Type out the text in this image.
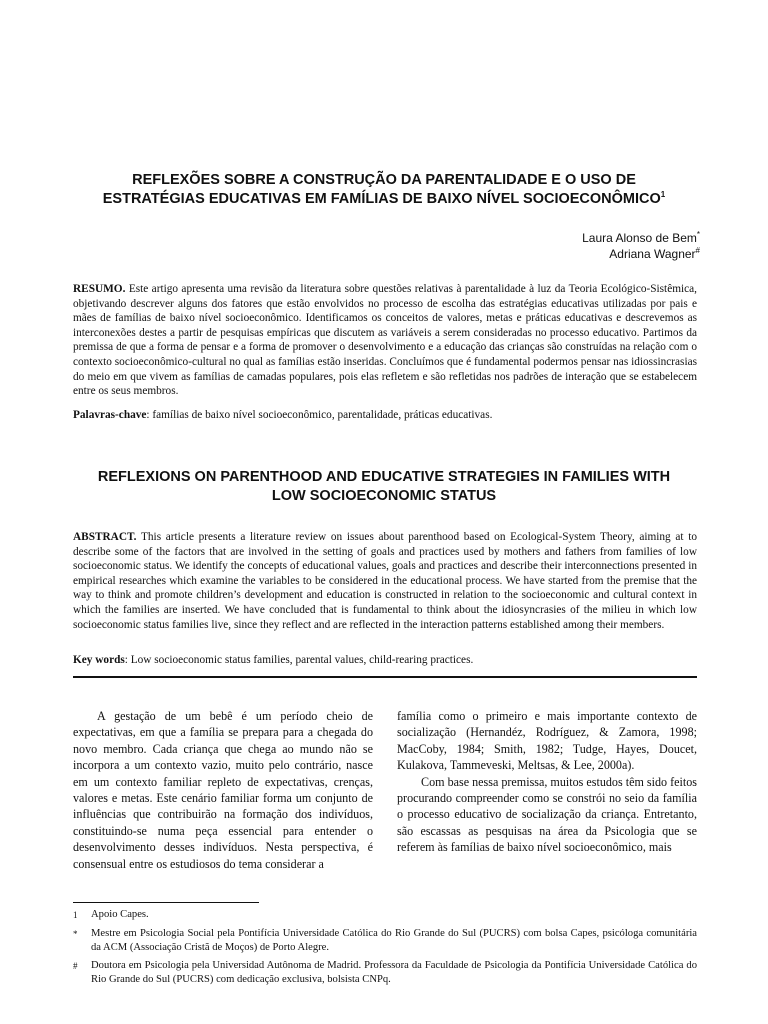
REFLEXÕES SOBRE A CONSTRUÇÃO DA PARENTALIDADE E O USO DE
ESTRATÉGIAS EDUCATIVAS EM FAMÍLIAS DE BAIXO NÍVEL SOCIOECONÔMICO$^1$
Laura Alonso de Bem*
Adriana Wagner#
RESUMO. Este artigo apresenta uma revisão da literatura sobre questões relativas à parentalidade à luz da Teoria Ecológico-Sistêmica, objetivando descrever alguns dos fatores que estão envolvidos no processo de escolha das estratégias educativas utilizadas por pais e mães de famílias de baixo nível socioeconômico. Identificamos os conceitos de valores, metas e práticas educativas e descrevemos as interconexões destes a partir de pesquisas empíricas que discutem as variáveis a serem consideradas no processo educativo. Partimos da premissa de que a forma de pensar e a forma de promover o desenvolvimento e a educação das crianças são construídas na relação com o contexto socioeconômico-cultural no qual as famílias estão inseridas. Concluímos que é fundamental podermos pensar nas idiossincrasias do meio em que vivem as famílias de camadas populares, pois elas refletem e são refletidas nos padrões de interação que se estabelecem entre os seus membros.
Palavras-chave: famílias de baixo nível socioeconômico, parentalidade, práticas educativas.
REFLEXIONS ON PARENTHOOD AND EDUCATIVE STRATEGIES IN FAMILIES WITH
LOW SOCIOECONOMIC STATUS
ABSTRACT. This article presents a literature review on issues about parenthood based on Ecological-System Theory, aiming at to describe some of the factors that are involved in the setting of goals and practices used by mothers and fathers from families of low socioeconomic status. We identify the concepts of educational values, goals and practices and describe their interconnections presented in empirical researches which examine the variables to be considered in the educational process. We have started from the premise that the way to think and promote children’s development and education is constructed in relation to the socioeconomic and cultural context in which the families are inserted. We have concluded that is fundamental to think about the idiosyncrasies of the milieu in which low socioeconomic status families live, since they reflect and are reflected in the interaction patterns established among their members.
Key words: Low socioeconomic status families, parental values, child-rearing practices.

A gestação de um bebê é um período cheio de expectativas, em que a família se prepara para a chegada do novo membro. Cada criança que chega ao mundo não se incorpora a um contexto vazio, muito pelo contrário, nasce em um contexto familiar repleto de expectativas, crenças, valores e metas. Este cenário familiar forma um conjunto de influências que contribuirão na formação dos indivíduos, constituindo-se numa peça essencial para entender o desenvolvimento desses indivíduos. Nesta perspectiva, é consensual entre os estudiosos do tema considerar a

família como o primeiro e mais importante contexto de socialização (Hernandéz, Rodríguez, & Zamora, 1998; MacCoby, 1984; Smith, 1982; Tudge, Hayes, Doucet, Kulakova, Tammeveski, Meltsas, & Lee, 2000a).

Com base nessa premissa, muitos estudos têm sido feitos procurando compreender como se constrói no seio da família o processo educativo de socialização da criança. Entretanto, são escassas as pesquisas na área da Psicologia que se referem às famílias de baixo nível socioeconômico, mais

1 Apoio Capes.
* Mestre em Psicologia Social pela Pontifícia Universidade Católica do Rio Grande do Sul (PUCRS) com bolsa Capes, psicóloga comunitária da ACM (Associação Cristã de Moços) de Porto Alegre.
# Doutora em Psicologia pela Universidad Autônoma de Madrid. Professora da Faculdade de Psicologia da Pontifícia Universidade Católica do Rio Grande do Sul (PUCRS) com dedicação exclusiva, bolsista CNPq.
